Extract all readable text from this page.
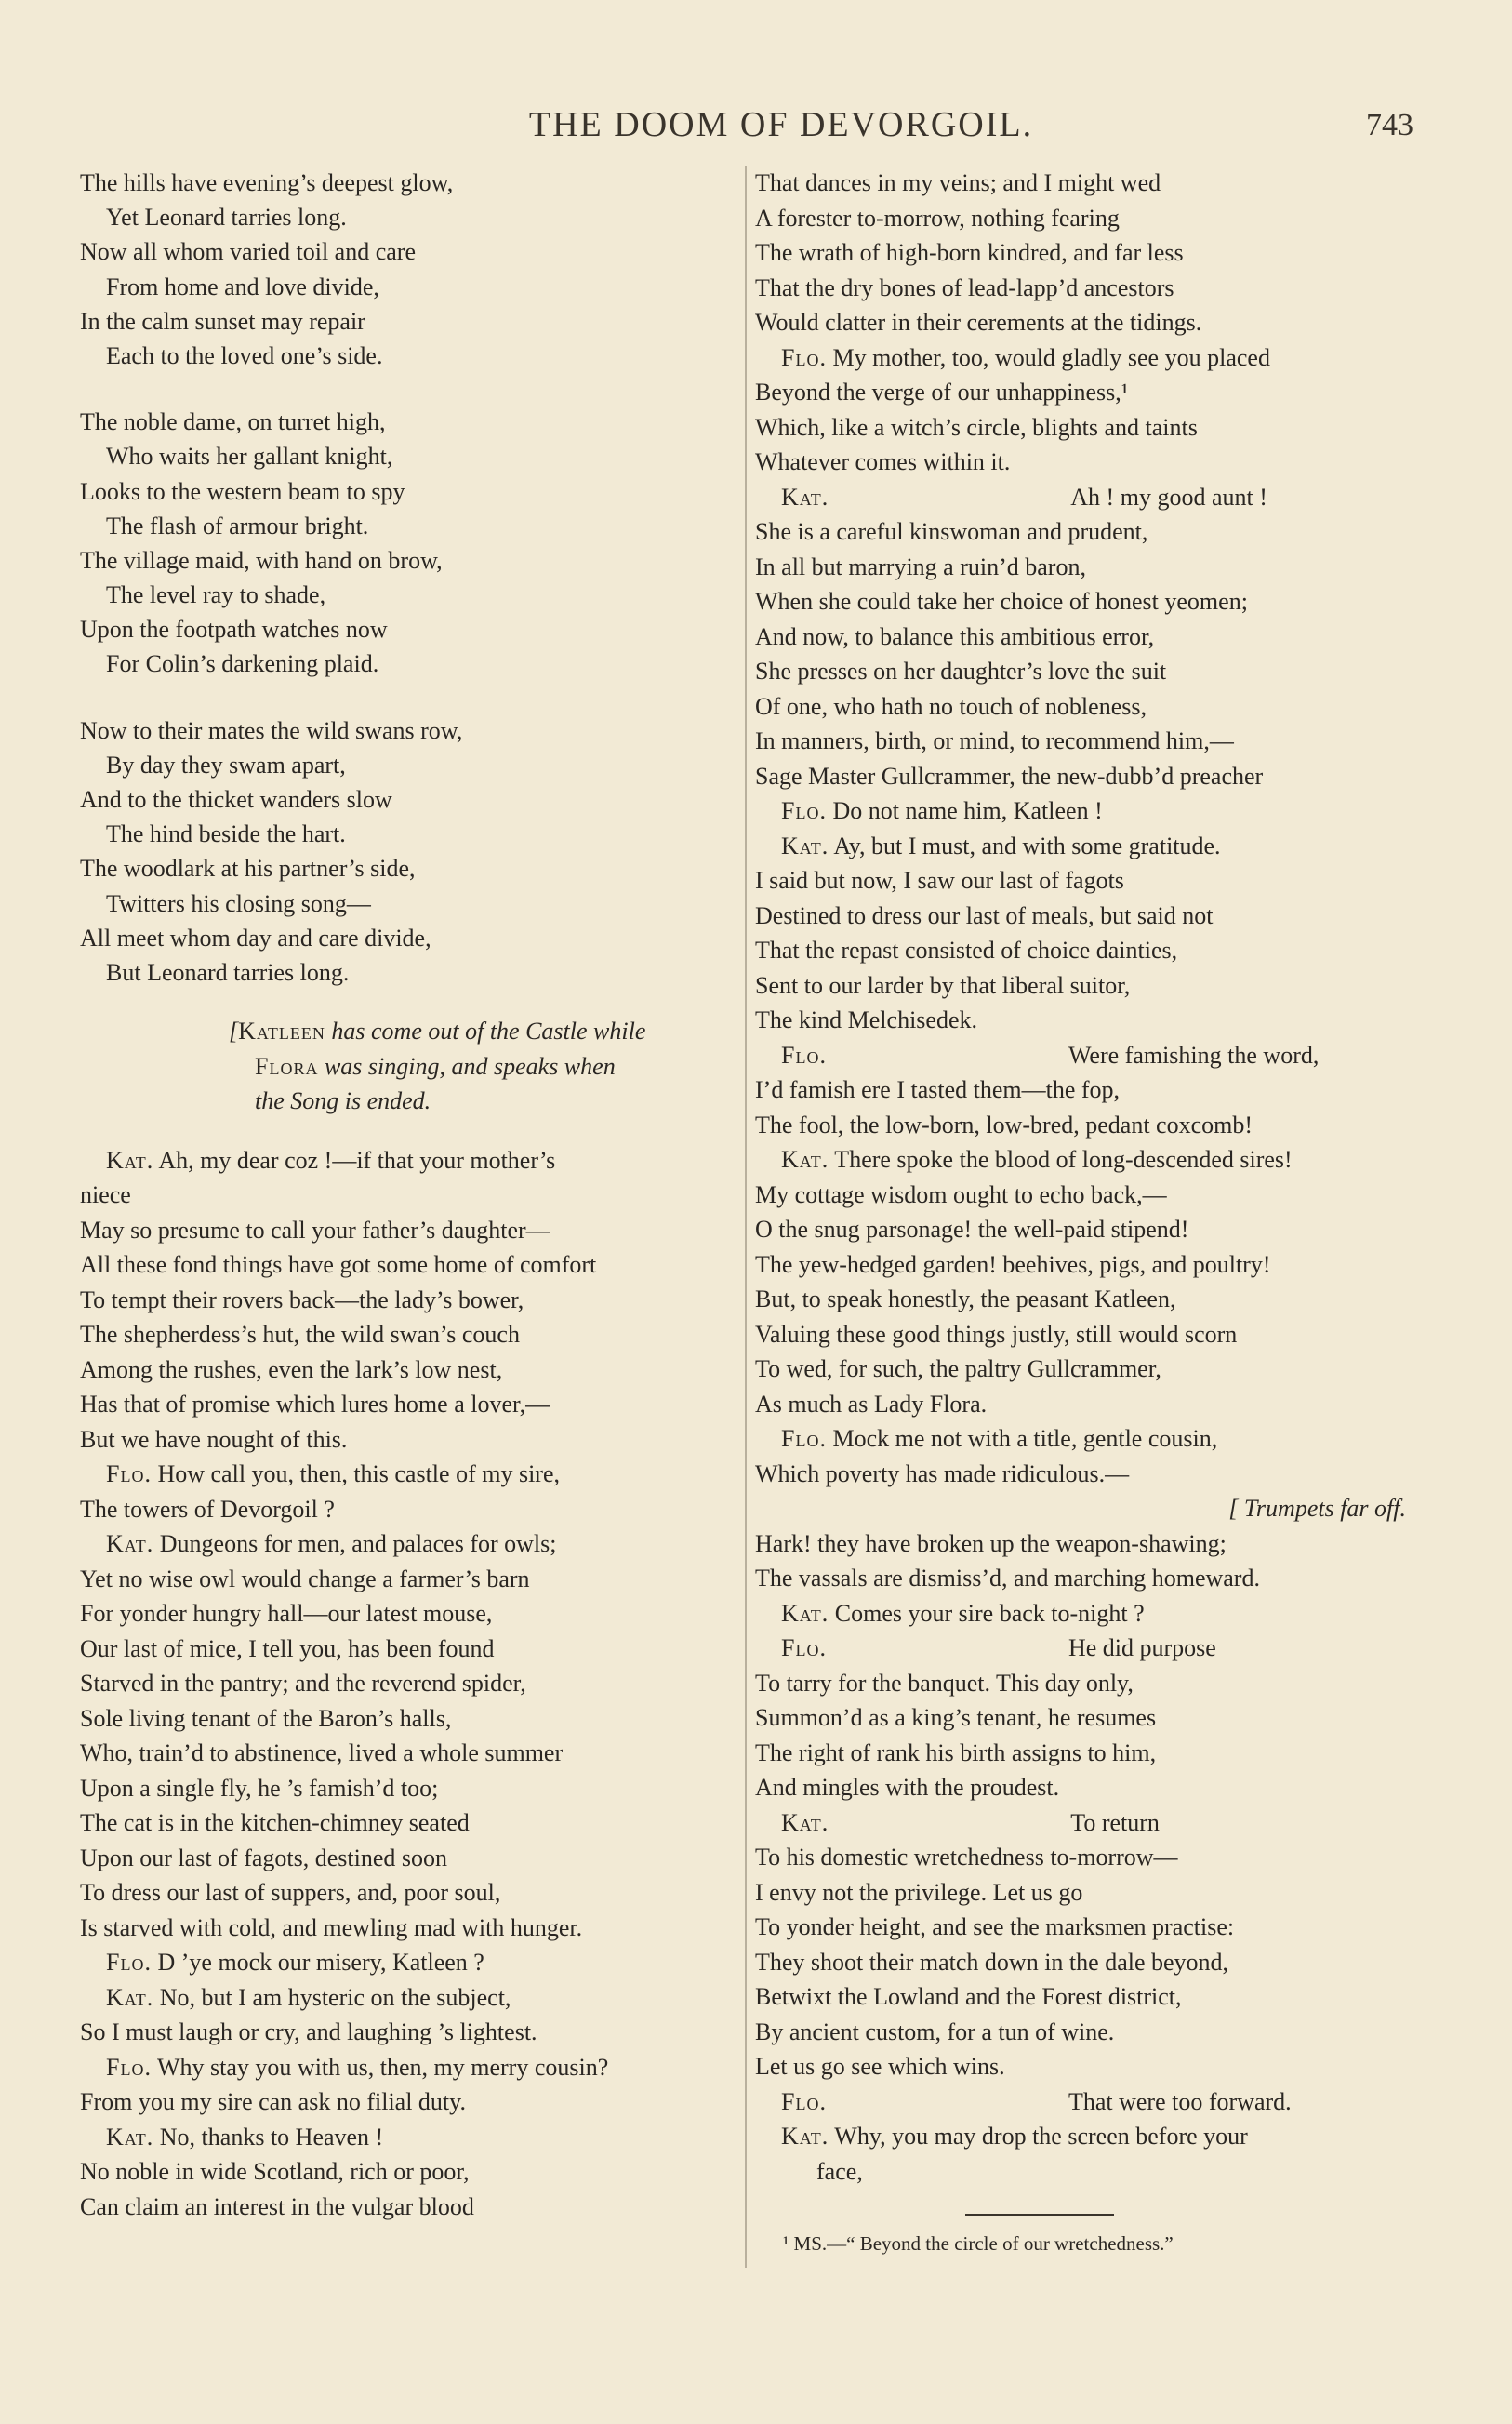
THE DOOM OF DEVORGOIL.	743
The hills have evening’s deepest glow,
Yet Leonard tarries long.
Now all whom varied toil and care
From home and love divide,
In the calm sunset may repair
Each to the loved one’s side.
The noble dame, on turret high,
Who waits her gallant knight,
Looks to the western beam to spy
The flash of armour bright.
The village maid, with hand on brow,
The level ray to shade,
Upon the footpath watches now
For Colin’s darkening plaid.
Now to their mates the wild swans row,
By day they swam apart,
And to the thicket wanders slow
The hind beside the hart.
The woodlark at his partner’s side,
Twitters his closing song—
All meet whom day and care divide,
But Leonard tarries long.
[Katleen has come out of the Castle while
Flora was singing, and speaks when
the Song is ended.
Kat. Ah, my dear coz !—if that your mother’s
niece
May so presume to call your father’s daughter—
All these fond things have got some home of comfort
To tempt their rovers back—the lady’s bower,
The shepherdess’s hut, the wild swan’s couch
Among the rushes, even the lark’s low nest,
Has that of promise which lures home a lover,—
But we have nought of this.
Flo. How call you, then, this castle of my sire,
The towers of Devorgoil ?
Kat. Dungeons for men, and palaces for owls;
Yet no wise owl would change a farmer’s barn
For yonder hungry hall—our latest mouse,
Our last of mice, I tell you, has been found
Starved in the pantry; and the reverend spider,
Sole living tenant of the Baron’s halls,
Who, train’d to abstinence, lived a whole summer
Upon a single fly, he ’s famish’d too;
The cat is in the kitchen-chimney seated
Upon our last of fagots, destined soon
To dress our last of suppers, and, poor soul,
Is starved with cold, and mewling mad with hunger.
Flo. D ’ye mock our misery, Katleen ?
Kat. No, but I am hysteric on the subject,
So I must laugh or cry, and laughing ’s lightest.
Flo. Why stay you with us, then, my merry cousin?
From you my sire can ask no filial duty.
Kat. No, thanks to Heaven !
No noble in wide Scotland, rich or poor,
Can claim an interest in the vulgar blood
That dances in my veins; and I might wed
A forester to-morrow, nothing fearing
The wrath of high-born kindred, and far less
That the dry bones of lead-lapp’d ancestors
Would clatter in their cerements at the tidings.
Flo. My mother, too, would gladly see you placed
Beyond the verge of our unhappiness,¹
Which, like a witch’s circle, blights and taints
Whatever comes within it.
Kat.	Ah ! my good aunt !
She is a careful kinswoman and prudent,
In all but marrying a ruin’d baron,
When she could take her choice of honest yeomen;
And now, to balance this ambitious error,
She presses on her daughter’s love the suit
Of one, who hath no touch of nobleness,
In manners, birth, or mind, to recommend him,—
Sage Master Gullcrammer, the new-dubb’d preacher
Flo. Do not name him, Katleen !
Kat. Ay, but I must, and with some gratitude.
I said but now, I saw our last of fagots
Destined to dress our last of meals, but said not
That the repast consisted of choice dainties,
Sent to our larder by that liberal suitor,
The kind Melchisedek.
Flo.	Were famishing the word,
I’d famish ere I tasted them—the fop,
The fool, the low-born, low-bred, pedant coxcomb!
Kat. There spoke the blood of long-descended sires!
My cottage wisdom ought to echo back,—
O the snug parsonage! the well-paid stipend!
The yew-hedged garden! beehives, pigs, and poultry!
But, to speak honestly, the peasant Katleen,
Valuing these good things justly, still would scorn
To wed, for such, the paltry Gullcrammer,
As much as Lady Flora.
Flo. Mock me not with a title, gentle cousin,
Which poverty has made ridiculous.—
[ Trumpets far off.
Hark! they have broken up the weapon-shawing;
The vassals are dismiss’d, and marching homeward.
Kat. Comes your sire back to-night ?
Flo.	He did purpose
To tarry for the banquet. This day only,
Summon’d as a king’s tenant, he resumes
The right of rank his birth assigns to him,
And mingles with the proudest.
Kat.	To return
To his domestic wretchedness to-morrow—
I envy not the privilege. Let us go
To yonder height, and see the marksmen practise:
They shoot their match down in the dale beyond,
Betwixt the Lowland and the Forest district,
By ancient custom, for a tun of wine.
Let us go see which wins.
Flo.	That were too forward.
Kat. Why, you may drop the screen before your
face,
¹ MS.—“ Beyond the circle of our wretchedness.”
